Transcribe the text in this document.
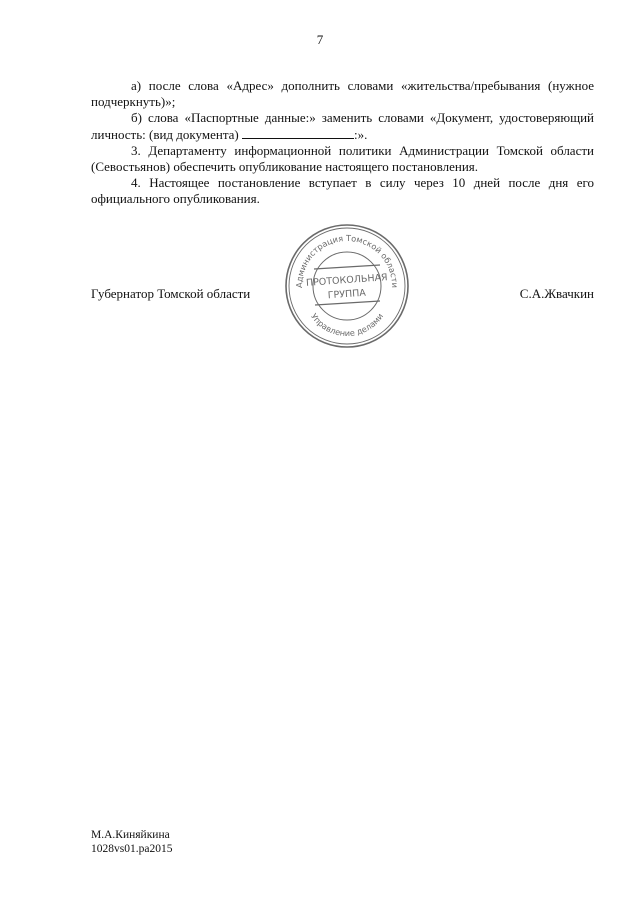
7

а) после слова «Адрес» дополнить словами «жительства/пребывания (нужное подчеркнуть)»;

б) слова «Паспортные данные:» заменить словами «Документ, удостоверяющий личность: (вид документа)	:».

3. Департаменту информационной политики Администрации Томской области (Севостьянов) обеспечить опубликование настоящего постановления.

4. Настоящее постановление вступает в силу через 10 дней после дня его официального опубликования.

Администрация Томской области
Управление делами
ПРОТОКОЛЬНАЯ
ГРУППА
Губернатор Томской области	С.А.Жвачкин
М.А.Киняйкина
1028vs01.pa2015
